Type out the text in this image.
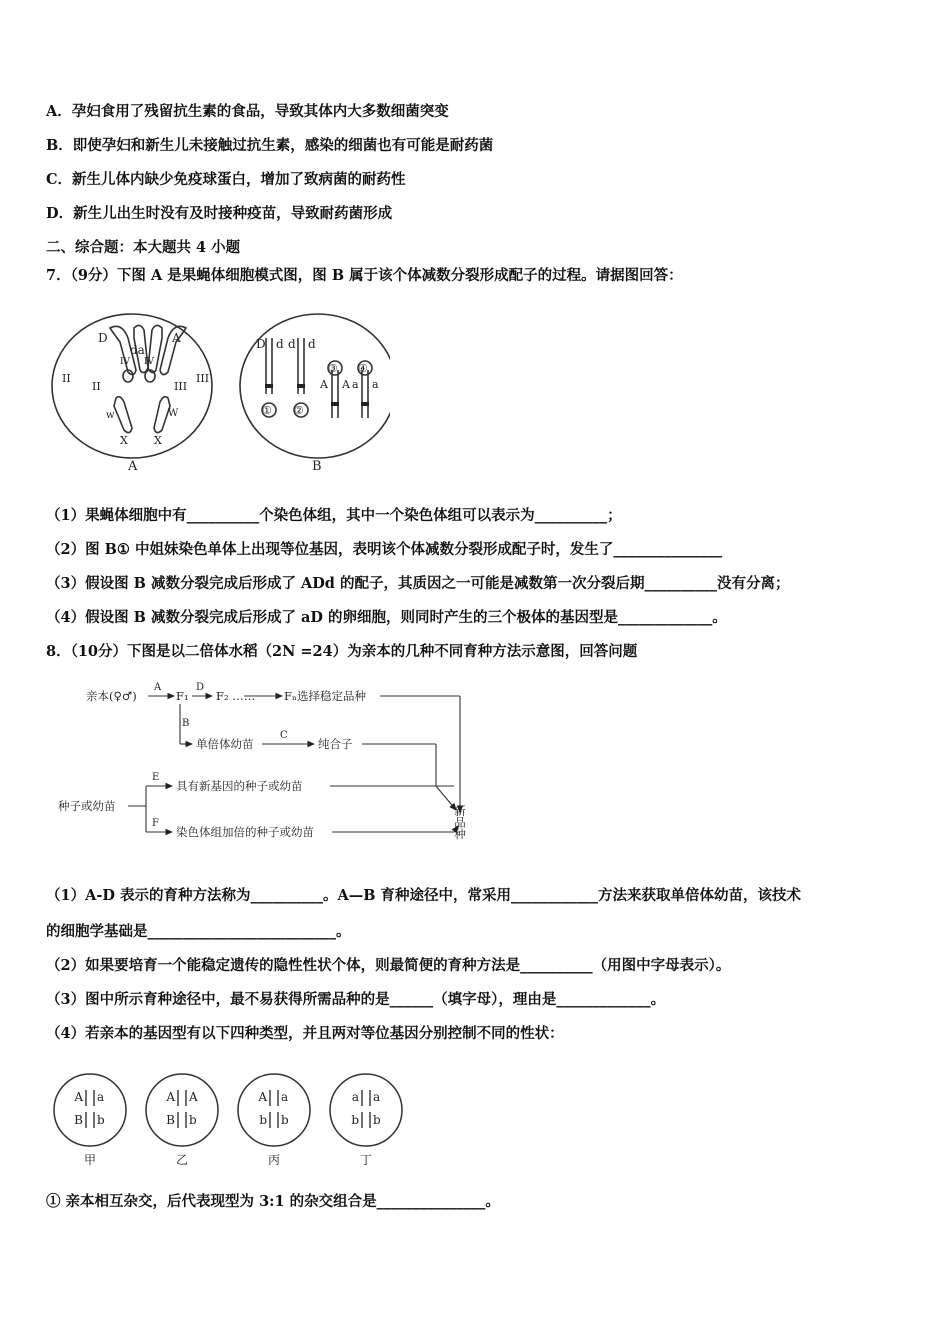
A．孕妇食用了残留抗生素的食品，导致其体内大多数细菌突变
B．即使孕妇和新生儿未接触过抗生素，感染的细菌也有可能是耐药菌
C．新生儿体内缺少免疫球蛋白，增加了致病菌的耐药性
D．新生儿出生时没有及时接种疫苗，导致耐药菌形成
二、综合题：本大题共 4 小题
7．（9分）下图 A 是果蝇体细胞模式图，图 B 属于该个体减数分裂形成配子的过程。请据图回答：
D
da
A
II
II
IV IV
III
III
w	W
X X
A
D d d d
① ②
③ ④
A A a a
B
（1）果蝇体细胞中有__________个染色体组，其中一个染色体组可以表示为__________；
（2）图 B① 中姐妹染色单体上出现等位基因，表明该个体减数分裂形成配子时，发生了_______________
（3）假设图 B 减数分裂完成后形成了 ADd 的配子，其质因之一可能是减数第一次分裂后期__________没有分离；
（4）假设图 B 减数分裂完成后形成了 aD 的卵细胞，则同时产生的三个极体的基因型是_____________。
8．（10分）下图是以二倍体水稻（2N =24）为亲本的几种不同育种方法示意图，回答问题
亲本(♀♂)
A
F₁
D
F₂ ……	Fₙ选择稳定品种
B
单倍体幼苗
C
纯合子
种子或幼苗
E
具有新基因的种子或幼苗
F
染色体组加倍的种子或幼苗	新品种
（1）A-D 表示的育种方法称为__________。A—B 育种途径中，常采用____________方法来获取单倍体幼苗，该技术
的细胞学基础是__________________________。
（2）如果要培育一个能稳定遗传的隐性性状个体，则最简便的育种方法是__________（用图中字母表示）。
（3）图中所示育种途径中，最不易获得所需品种的是______（填字母），理由是_____________。
（4）若亲本的基因型有以下四种类型，并且两对等位基因分别控制不同的性状：
A a
B b
甲
A A
B b
乙
A a
b b
丙
a a
b b
丁
① 亲本相互杂交，后代表现型为 3:1 的杂交组合是_______________。
